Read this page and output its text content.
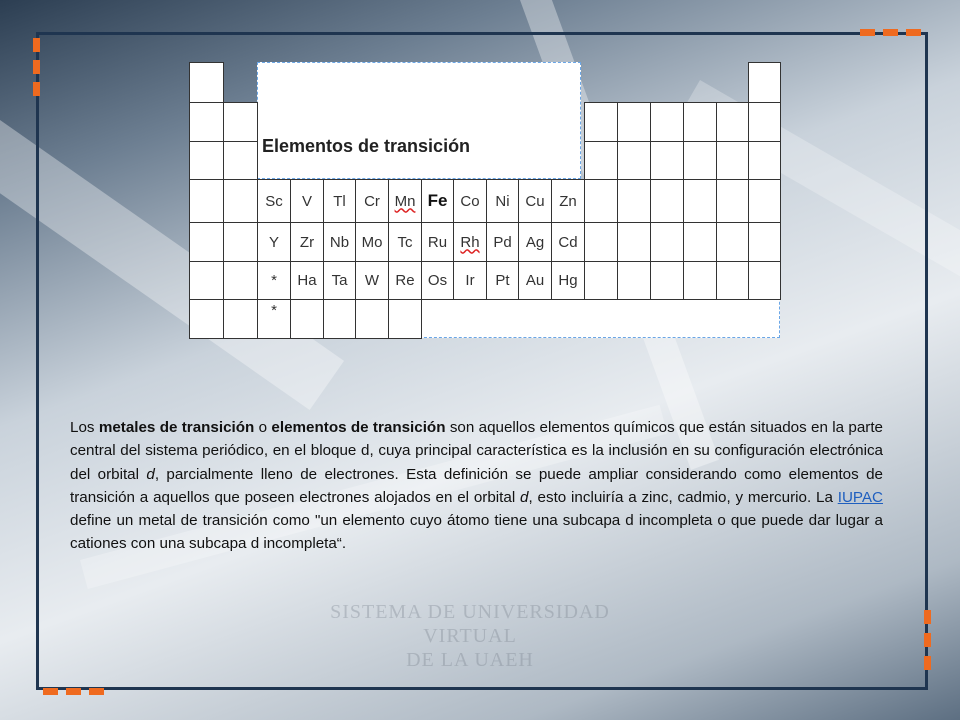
SISTEMA DE UNIVERSIDAD VIRTUAL
DE LA UAEH
Elementos de transición
Sc V Tl Cr Mn Fe Co Ni Cu Zn
Y Zr Nb Mo Tc Ru Rh Pd Ag Cd
* Ha Ta W Re Os Ir Pt Au Hg
*
Los metales de transición o elementos de transición son aquellos elementos químicos que están situados en la parte central del sistema periódico, en el bloque d, cuya principal característica es la inclusión en su configuración electrónica del orbital d, parcialmente lleno de electrones. Esta definición se puede ampliar considerando como elementos de transición a aquellos que poseen electrones alojados en el orbital d, esto incluiría a zinc, cadmio, y mercurio. La IUPAC define un metal de transición como "un elemento cuyo átomo tiene una subcapa d incompleta o que puede dar lugar a cationes con una subcapa d incompleta“.
